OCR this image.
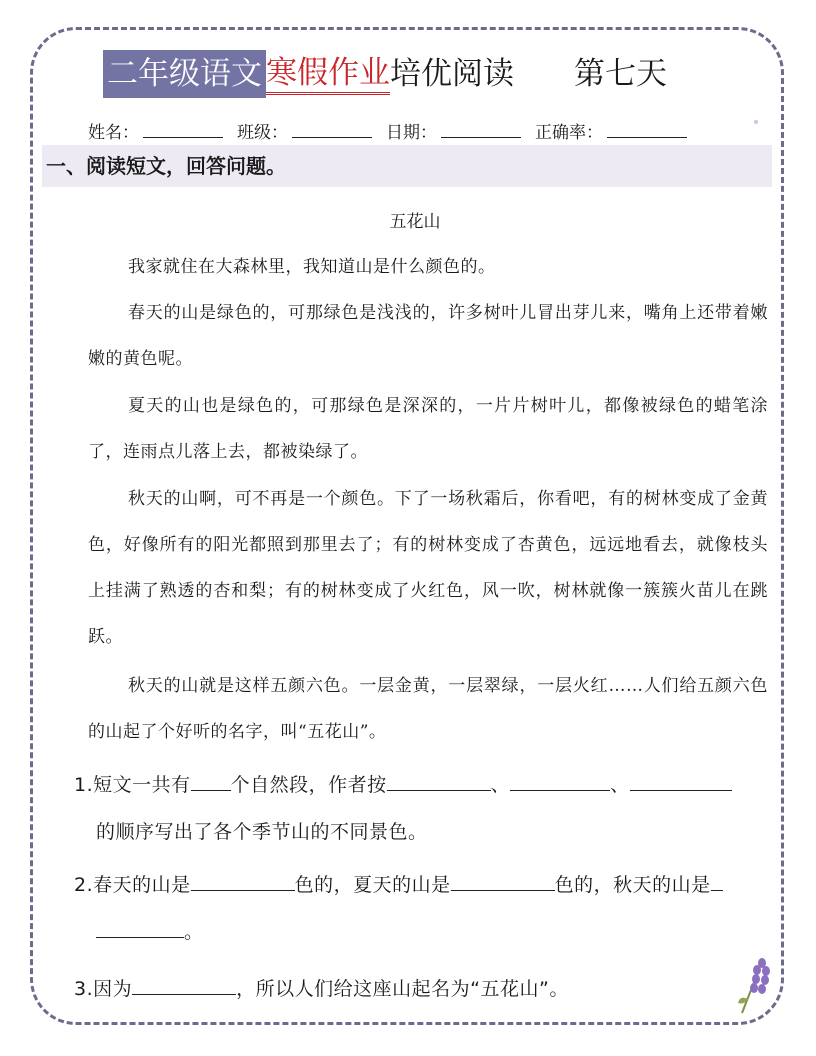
二年级语文 寒假作业 培优阅读 第七天
姓名：	班级：	日期：	正确率：
一、阅读短文，回答问题。
五花山

我家就住在大森林里，我知道山是什么颜色的。

春天的山是绿色的，可那绿色是浅浅的，许多树叶儿冒出芽儿来，嘴角上还带着嫩嫩的黄色呢。

夏天的山也是绿色的，可那绿色是深深的，一片片树叶儿，都像被绿色的蜡笔涂了，连雨点儿落上去，都被染绿了。

秋天的山啊，可不再是一个颜色。下了一场秋霜后，你看吧，有的树林变成了金黄色，好像所有的阳光都照到那里去了；有的树林变成了杏黄色，远远地看去，就像枝头上挂满了熟透的杏和梨；有的树林变成了火红色，风一吹，树林就像一簇簇火苗儿在跳跃。

秋天的山就是这样五颜六色。一层金黄，一层翠绿，一层火红……人们给五颜六色的山起了个好听的名字，叫“五花山”。

1.短文一共有 个自然段，作者按	、	、
的顺序写出了各个季节山的不同景色。
2.春天的山是	色的，夏天的山是	色的，秋天的山是
。
3.因为	，所以人们给这座山起名为“五花山”。
